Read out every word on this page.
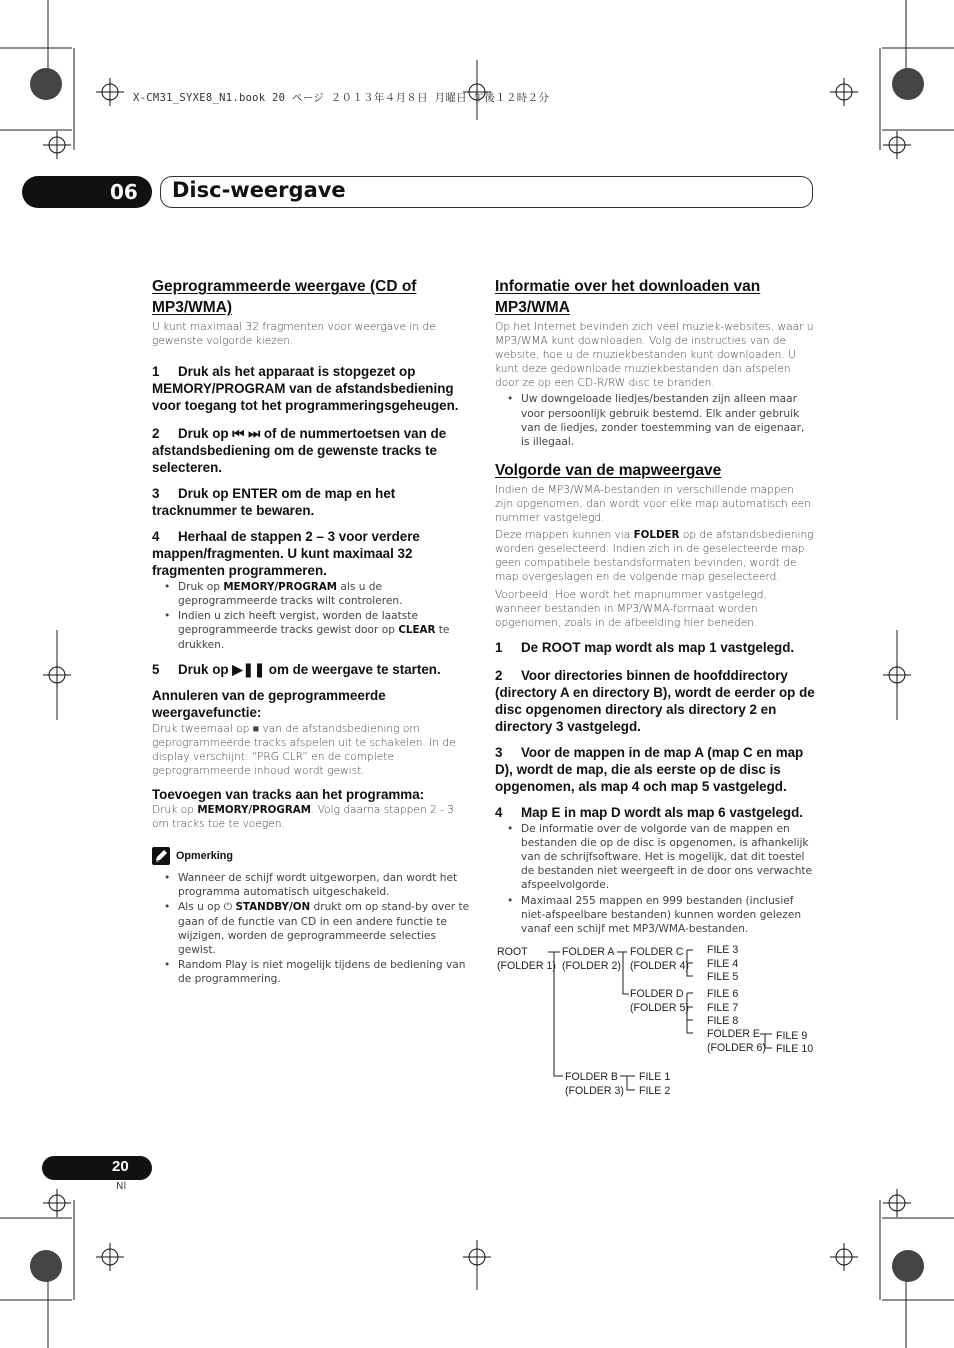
X-CM31_SYXE8_N1.book 20 ページ ２０１３年４月８日 月曜日 午後１２時２分
06 Disc-weergave
Geprogrammeerde weergave (CD of MP3/WMA)
U kunt maximaal 32 fragmenten voor weergave in de gewenste volgorde kiezen.
1 Druk als het apparaat is stopgezet op MEMORY/PROGRAM van de afstandsbediening voor toegang tot het programmeringsgeheugen.
2 Druk op ⏮ ⏭ of de nummertoetsen van de afstandsbediening om de gewenste tracks te selecteren.
3 Druk op ENTER om de map en het tracknummer te bewaren.
4 Herhaal de stappen 2 – 3 voor verdere mappen/fragmenten. U kunt maximaal 32 fragmenten programmeren.
• Druk op MEMORY/PROGRAM als u de geprogrammeerde tracks wilt controleren.
• Indien u zich heeft vergist, worden de laatste geprogrammeerde tracks gewist door op CLEAR te drukken.
5 Druk op ▶❚❚ om de weergave te starten.
Annuleren van de geprogrammeerde weergavefunctie:
Druk tweemaal op ■ van de afstandsbediening om geprogrammeerde tracks afspelen uit te schakelen. In de display verschijnt: “PRG CLR” en de complete geprogrammeerde inhoud wordt gewist.
Toevoegen van tracks aan het programma:
Druk op MEMORY/PROGRAM. Volg daarna stappen 2 - 3 om tracks toe te voegen.
Opmerking
• Wanneer de schijf wordt uitgeworpen, dan wordt het programma automatisch uitgeschakeld.
• Als u op ⏻ STANDBY/ON drukt om op stand-by over te gaan of de functie van CD in een andere functie te wijzigen, worden de geprogrammeerde selecties gewist.
• Random Play is niet mogelijk tijdens de bediening van de programmering.
Informatie over het downloaden van MP3/WMA
Op het Internet bevinden zich veel muziek-websites, waar u MP3/WMA kunt downloaden. Volg de instructies van de website, hoe u de muziekbestanden kunt downloaden. U kunt deze gedownloade muziekbestanden dan afspelen door ze op een CD-R/RW disc te branden.
• Uw downgeloade liedjes/bestanden zijn alleen maar voor persoonlijk gebruik bestemd. Elk ander gebruik van de liedjes, zonder toestemming van de eigenaar, is illegaal.
Volgorde van de mapweergave
Indien de MP3/WMA-bestanden in verschillende mappen zijn opgenomen, dan wordt voor elke map automatisch een nummer vastgelegd.
Deze mappen kunnen via FOLDER op de afstandsbediening worden geselecteerd. Indien zich in de geselecteerde map geen compatibele bestandsformaten bevinden, wordt de map overgeslagen en de volgende map geselecteerd.
Voorbeeld: Hoe wordt het mapnummer vastgelegd, wanneer bestanden in MP3/WMA-formaat worden opgenomen, zoals in de afbeelding hier beneden.
1 De ROOT map wordt als map 1 vastgelegd.
2 Voor directories binnen de hoofddirectory (directory A en directory B), wordt de eerder op de disc opgenomen directory als directory 2 en directory 3 vastgelegd.
3 Voor de mappen in de map A (map C en map D), wordt de map, die als eerste op de disc is opgenomen, als map 4 och map 5 vastgelegd.
4 Map E in map D wordt als map 6 vastgelegd.
• De informatie over de volgorde van de mappen en bestanden die op de disc is opgenomen, is afhankelijk van de schrijfsoftware. Het is mogelijk, dat dit toestel de bestanden niet weergeeft in de door ons verwachte afspeelvolgorde.
• Maximaal 255 mappen en 999 bestanden (inclusief niet-afspeelbare bestanden) kunnen worden gelezen vanaf een schijf met MP3/WMA-bestanden.
ROOT
(FOLDER 1)
FOLDER A
(FOLDER 2)
FOLDER C
(FOLDER 4)
FILE 3
FILE 4
FILE 5
FOLDER D
(FOLDER 5)
FILE 6
FILE 7
FILE 8
FOLDER E
(FOLDER 6)
FILE 9
FILE 10
FOLDER B
(FOLDER 3)
FILE 1
FILE 2
20
Nl
